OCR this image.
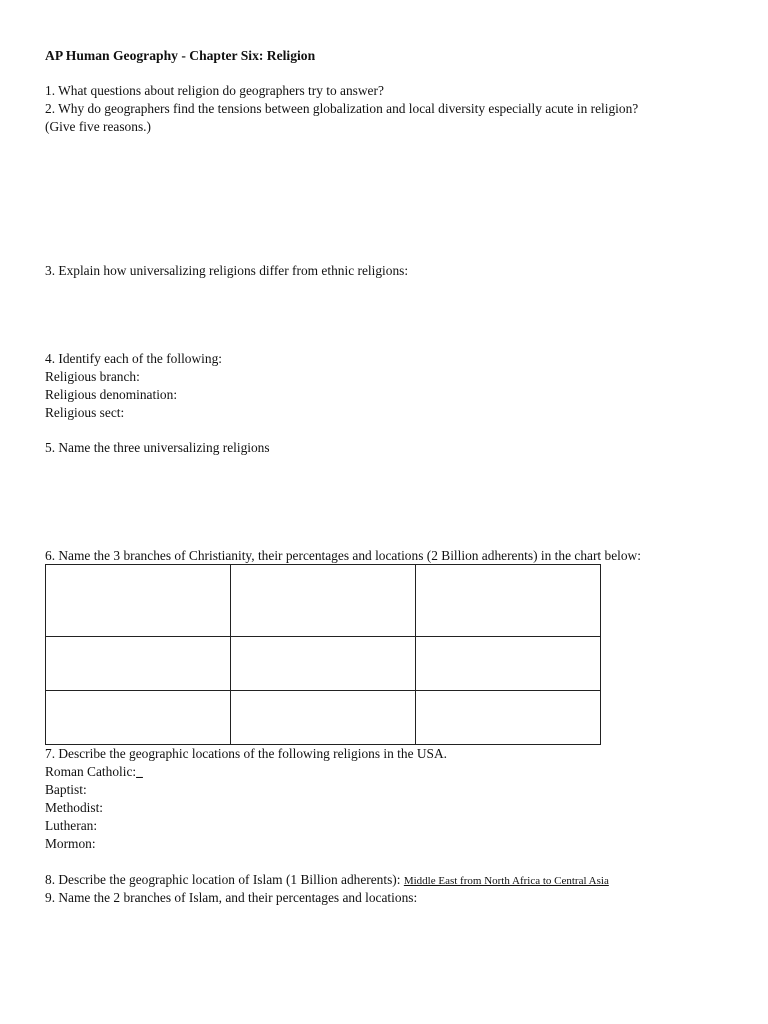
AP Human Geography - Chapter Six: Religion
1. What questions about religion do geographers try to answer?
2. Why do geographers find the tensions between globalization and local diversity especially acute in religion?
(Give five reasons.)
3. Explain how universalizing religions differ from ethnic religions:
4. Identify each of the following:
Religious branch:
Religious denomination:
Religious sect:
5. Name the three universalizing religions
6. Name the 3 branches of Christianity, their percentages and locations (2 Billion adherents) in the chart below:

7. Describe the geographic locations of the following religions in the USA.
Roman Catholic:_
Baptist:
Methodist:
Lutheran:
Mormon:
8. Describe the geographic location of Islam (1 Billion adherents): Middle East from North Africa to Central Asia
9. Name the 2 branches of Islam, and their percentages and locations:
